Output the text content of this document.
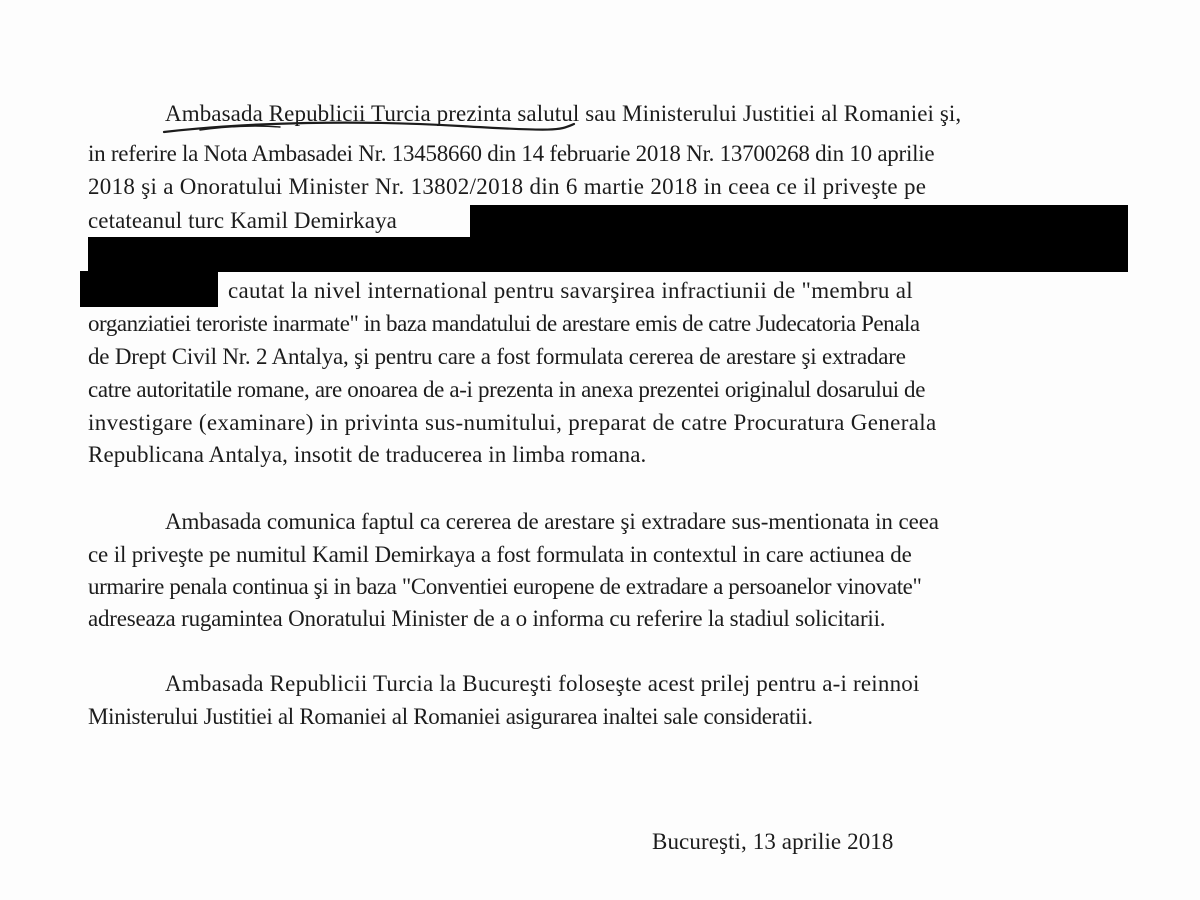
Ambasada Republicii Turcia prezinta salutul sau Ministerului Justitiei al Romaniei şi,
in referire la Nota Ambasadei Nr. 13458660 din 14 februarie 2018 Nr. 13700268 din 10 aprilie
2018 şi a Onoratului Minister Nr. 13802/2018 din 6 martie 2018 in ceea ce il priveşte pe
cetateanul turc Kamil Demirkaya
cautat la nivel international pentru savarşirea infractiunii de "membru al
organziatiei teroriste inarmate" in baza mandatului de arestare emis de catre Judecatoria Penala
de Drept Civil Nr. 2 Antalya, şi pentru care a fost formulata cererea de arestare şi extradare
catre autoritatile romane, are onoarea de a-i prezenta in anexa prezentei originalul dosarului de
investigare (examinare) in privinta sus-numitului, preparat de catre Procuratura Generala
Republicana Antalya, insotit de traducerea in limba romana.
Ambasada comunica faptul ca cererea de arestare şi extradare sus-mentionata in ceea
ce il priveşte pe numitul Kamil Demirkaya a fost formulata in contextul in care actiunea de
urmarire penala continua şi in baza "Conventiei europene de extradare a persoanelor vinovate"
adreseaza rugamintea Onoratului Minister de a o informa cu referire la stadiul solicitarii.
Ambasada Republicii Turcia la Bucureşti foloseşte acest prilej pentru a-i reinnoi
Ministerului Justitiei al Romaniei al Romaniei asigurarea inaltei sale consideratii.
Bucureşti, 13 aprilie 2018
